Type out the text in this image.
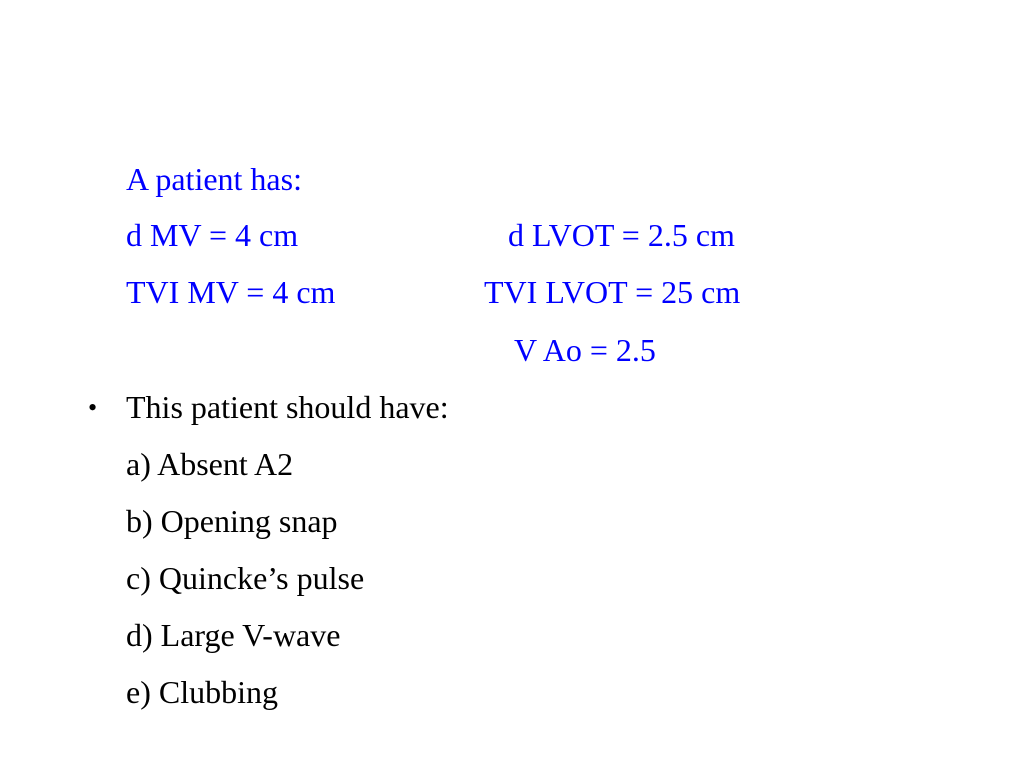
A patient has:
d MV = 4 cm	d LVOT = 2.5 cm
TVI MV = 4 cm	TVI LVOT = 25 cm
V Ao = 2.5
• This patient should have:
a) Absent A2
b) Opening snap
c) Quincke’s pulse
d) Large V-wave
e) Clubbing
